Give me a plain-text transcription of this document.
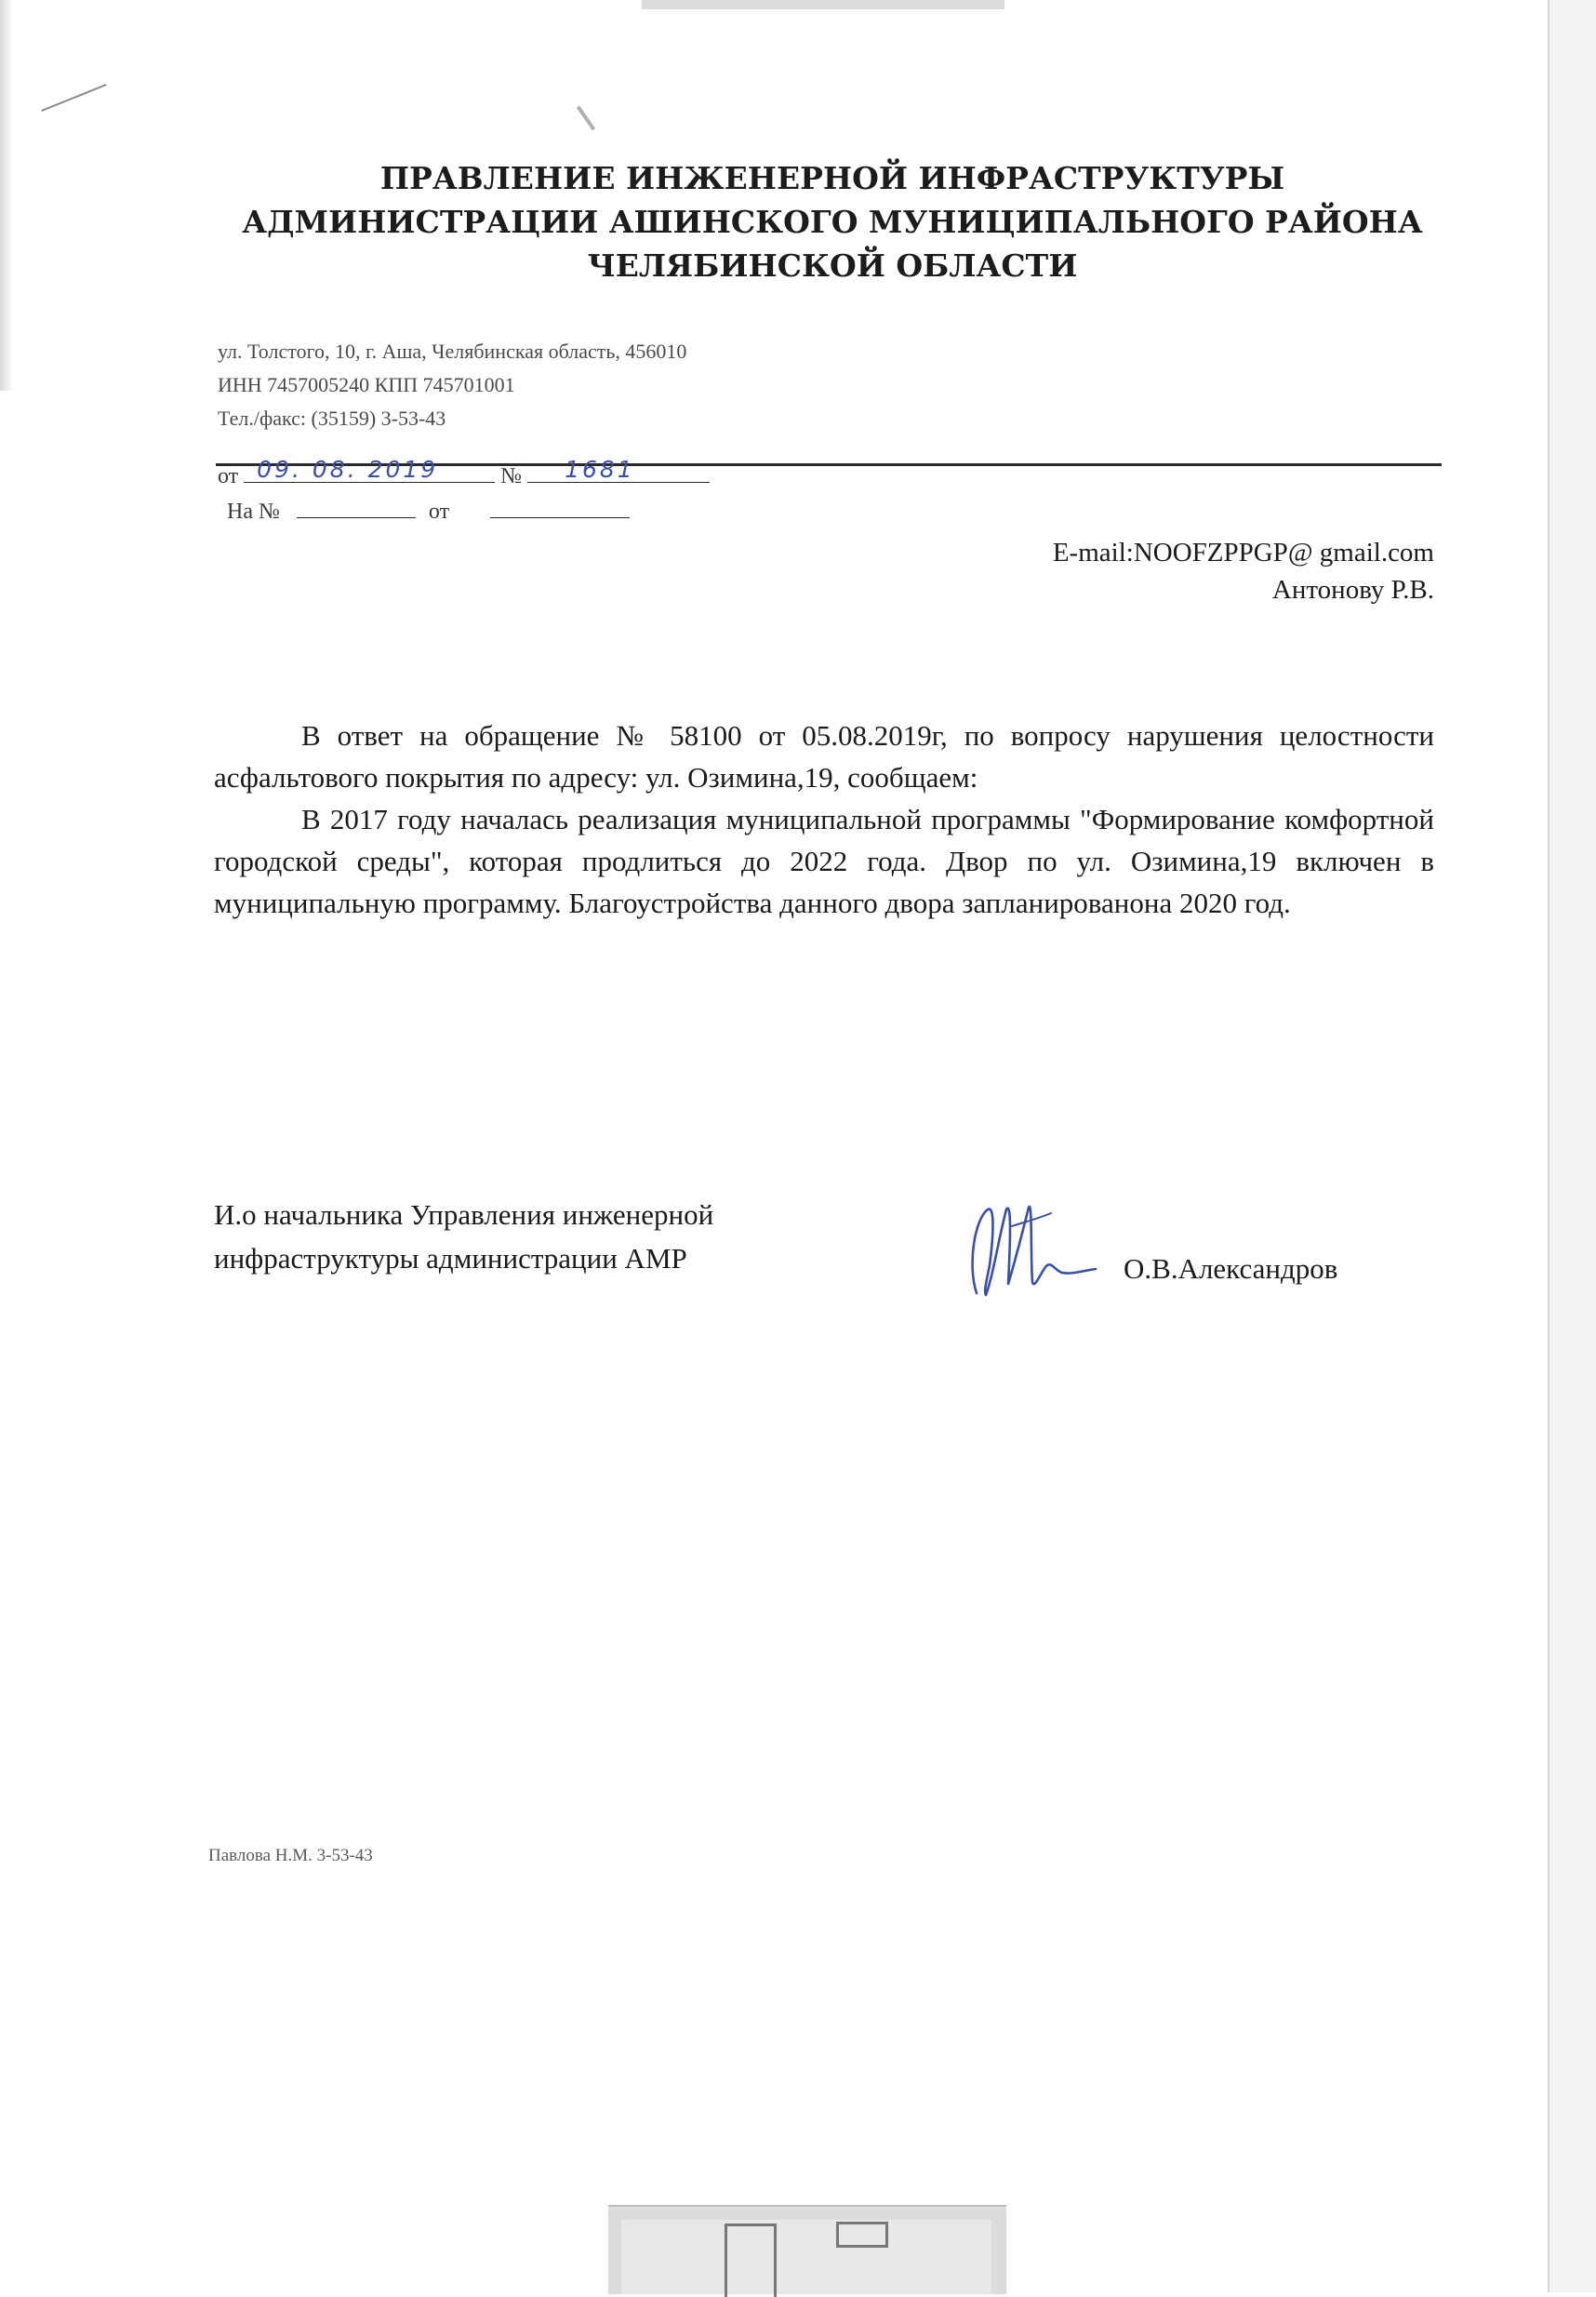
ПРАВЛЕНИЕ ИНЖЕНЕРНОЙ ИНФРАСТРУКТУРЫ
АДМИНИСТРАЦИИ АШИНСКОГО МУНИЦИПАЛЬНОГО РАЙОНА
ЧЕЛЯБИНСКОЙ ОБЛАСТИ
ул. Толстого, 10, г. Аша, Челябинская область, 456010
ИНН 7457005240 КПП 745701001
Тел./факс: (35159) 3-53-43
от 09. 08. 2019	№ 1681
На №	от
E-mail:NOOFZPPGP@ gmail.com
Антонову Р.В.

В ответ на обращение № 58100 от 05.08.2019г, по вопросу нарушения целостности асфальтового покрытия по адресу: ул. Озимина,19, сообщаем:

В 2017 году началась реализация муниципальной программы "Формирование комфортной городской среды", которая продлиться до 2022 года. Двор по ул. Озимина,19 включен в муниципальную программу. Благоустройства данного двора запланированона 2020 год.

И.о начальника Управления инженерной
инфраструктуры администрации АМР	О.В.Александров
Павлова Н.М. 3-53-43
